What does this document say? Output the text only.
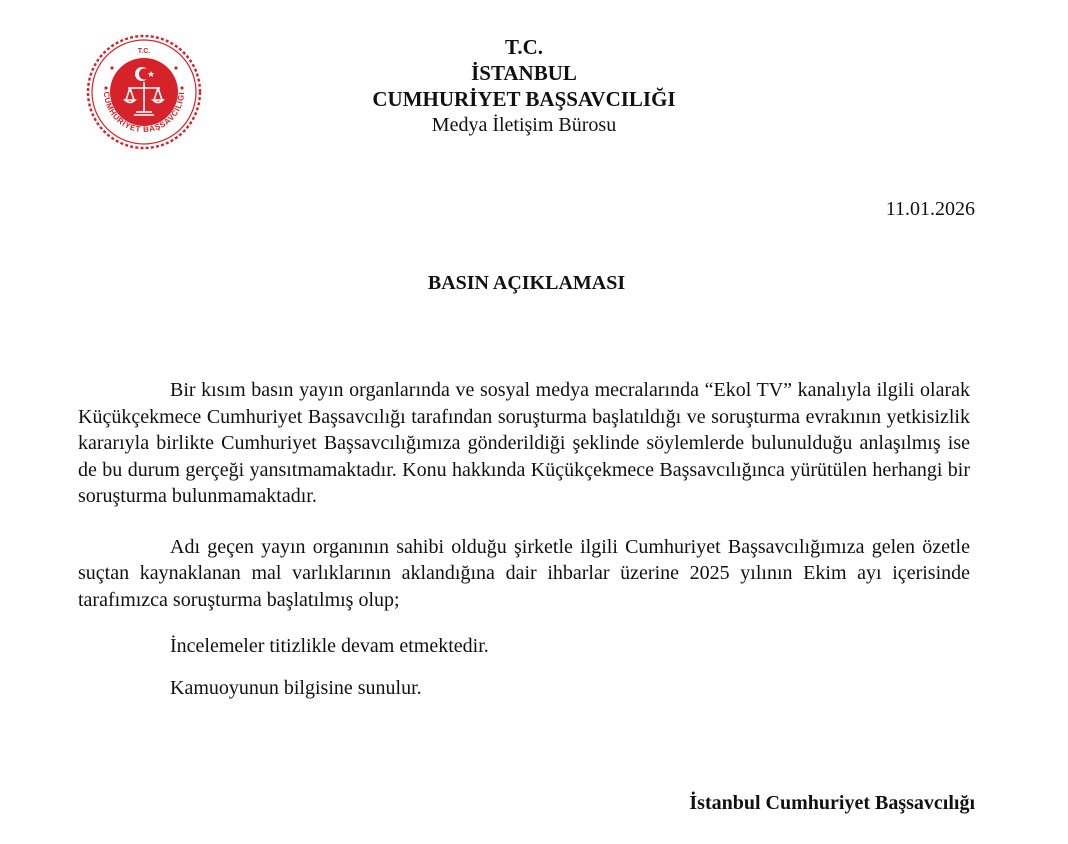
CUMHURİYET BAŞSAVCILIĞI
T.C.	T.C.
İSTANBUL
CUMHURİYET BAŞSAVCILIĞI
Medya İletişim Bürosu
11.01.2026
BASIN AÇIKLAMASI

Bir kısım basın yayın organlarında ve sosyal medya mecralarında “Ekol TV” kanalıyla ilgili olarak Küçükçekmece Cumhuriyet Başsavcılığı tarafından soruşturma başlatıldığı ve soruşturma evrakının yetkisizlik kararıyla birlikte Cumhuriyet Başsavcılığımıza gönderildiği şeklinde söylemlerde bulunulduğu anlaşılmış ise de bu durum gerçeği yansıtmamaktadır. Konu hakkında Küçükçekmece Başsavcılığınca yürütülen herhangi bir soruşturma bulunmamaktadır.

Adı geçen yayın organının sahibi olduğu şirketle ilgili Cumhuriyet Başsavcılığımıza gelen özetle suçtan kaynaklanan mal varlıklarının aklandığına dair ihbarlar üzerine 2025 yılının Ekim ayı içerisinde tarafımızca soruşturma başlatılmış olup;

İncelemeler titizlikle devam etmektedir.

Kamuoyunun bilgisine sunulur.

İstanbul Cumhuriyet Başsavcılığı
